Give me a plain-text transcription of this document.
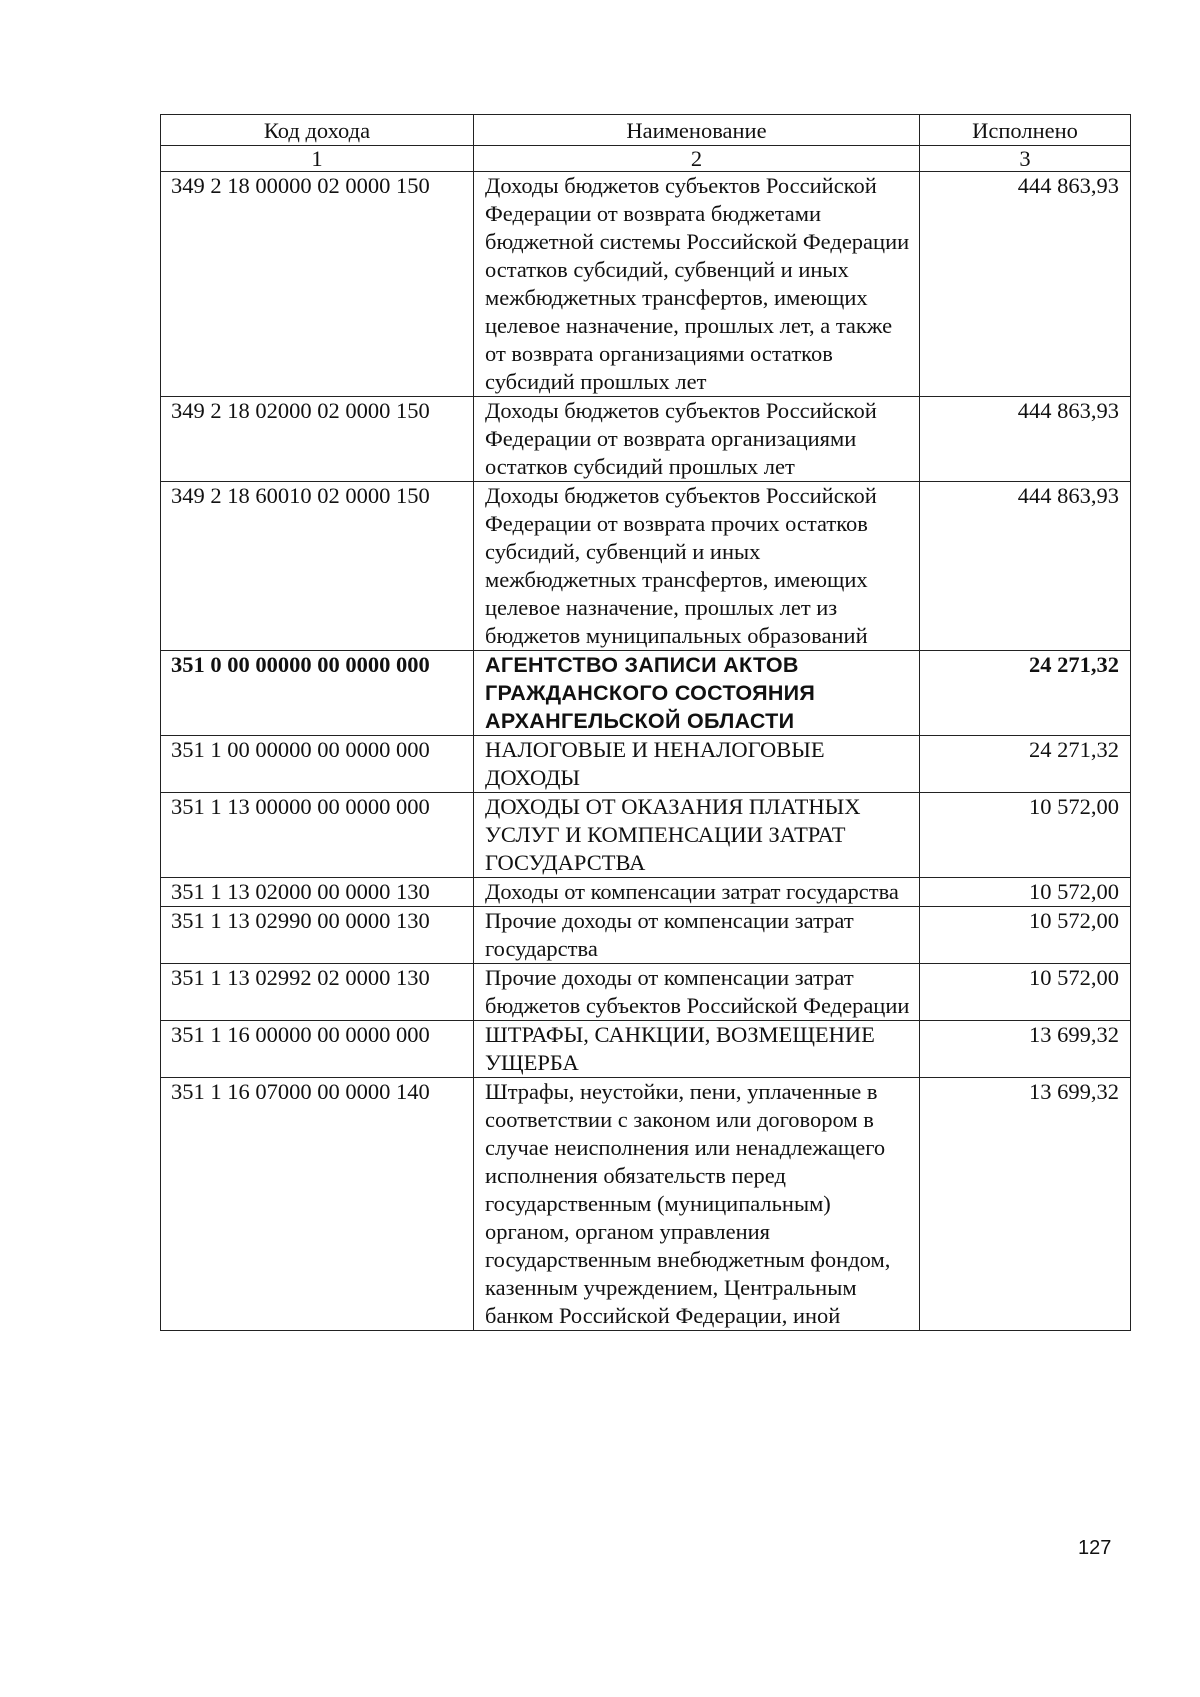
Код дохода	Наименование	Исполнено
1	2	3
349 2 18 00000 02 0000 150	Доходы бюджетов субъектов Российской Федерации от возврата бюджетами бюджетной системы Российской Федерации остатков субсидий, субвенций и иных межбюджетных трансфертов, имеющих целевое назначение, прошлых лет, а также от возврата организациями остатков субсидий прошлых лет	444 863,93
349 2 18 02000 02 0000 150	Доходы бюджетов субъектов Российской Федерации от возврата организациями остатков субсидий прошлых лет	444 863,93
349 2 18 60010 02 0000 150	Доходы бюджетов субъектов Российской Федерации от возврата прочих остатков субсидий, субвенций и иных межбюджетных трансфертов, имеющих целевое назначение, прошлых лет из бюджетов муниципальных образований	444 863,93
351 0 00 00000 00 0000 000	АГЕНТСТВО ЗАПИСИ АКТОВ ГРАЖДАНСКОГО СОСТОЯНИЯ АРХАНГЕЛЬСКОЙ ОБЛАСТИ	24 271,32
351 1 00 00000 00 0000 000	НАЛОГОВЫЕ И НЕНАЛОГОВЫЕ ДОХОДЫ	24 271,32
351 1 13 00000 00 0000 000	ДОХОДЫ ОТ ОКАЗАНИЯ ПЛАТНЫХ УСЛУГ И КОМПЕНСАЦИИ ЗАТРАТ ГОСУДАРСТВА	10 572,00
351 1 13 02000 00 0000 130	Доходы от компенсации затрат государства	10 572,00
351 1 13 02990 00 0000 130	Прочие доходы от компенсации затрат государства	10 572,00
351 1 13 02992 02 0000 130	Прочие доходы от компенсации затрат бюджетов субъектов Российской Федерации	10 572,00
351 1 16 00000 00 0000 000	ШТРАФЫ, САНКЦИИ, ВОЗМЕЩЕНИЕ УЩЕРБА	13 699,32
351 1 16 07000 00 0000 140	Штрафы, неустойки, пени, уплаченные в соответствии с законом или договором в случае неисполнения или ненадлежащего исполнения обязательств перед государственным (муниципальным) органом, органом управления государственным внебюджетным фондом, казенным учреждением, Центральным банком Российской Федерации, иной	13 699,32
127
